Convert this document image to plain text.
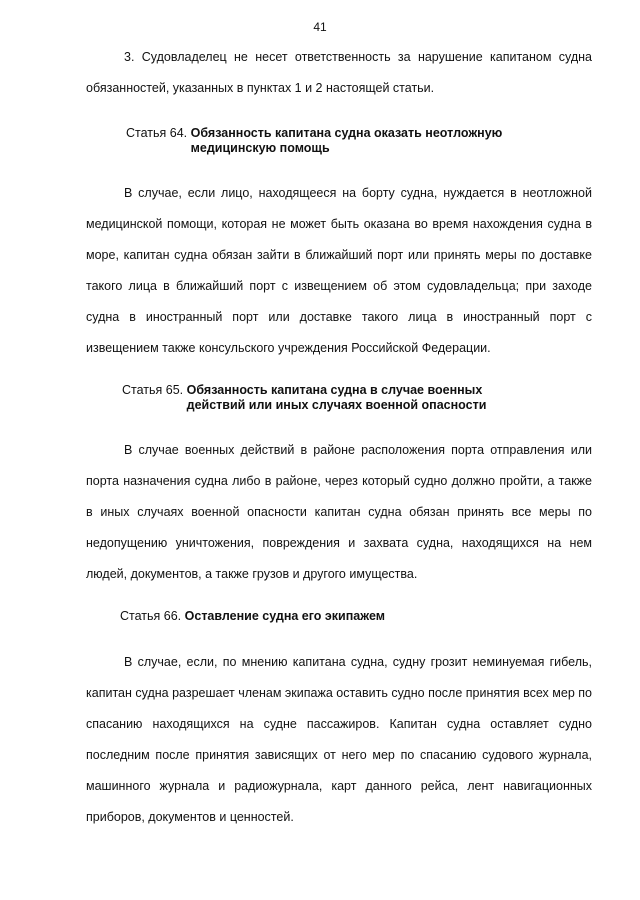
41

3. Судовладелец не несет ответственность за нарушение капитаном судна обязанностей, указанных в пунктах 1 и 2 настоящей статьи.

Статья 64. Обязанность капитана судна оказать неотложную
медицинскую помощь

В случае, если лицо, находящееся на борту судна, нуждается в неотложной медицинской помощи, которая не может быть оказана во время нахождения судна в море, капитан судна обязан зайти в ближайший порт или принять меры по доставке такого лица в ближайший порт с извещением об этом судовладельца; при заходе судна в иностранный порт или доставке такого лица в иностранный порт с извещением также консульского учреждения Российской Федерации.

Статья 65. Обязанность капитана судна в случае военных
действий или иных случаях военной опасности

В случае военных действий в районе расположения порта отправления или порта назначения судна либо в районе, через который судно должно пройти, а также в иных случаях военной опасности капитан судна обязан принять все меры по недопущению уничтожения, повреждения и захвата судна, находящихся на нем людей, документов, а также грузов и другого имущества.

Статья 66. Оставление судна его экипажем

В случае, если, по мнению капитана судна, судну грозит неминуемая гибель, капитан судна разрешает членам экипажа оставить судно после принятия всех мер по спасанию находящихся на судне пассажиров. Капитан судна оставляет судно последним после принятия зависящих от него мер по спасанию судового журнала, машинного журнала и радиожурнала, карт данного рейса, лент навигационных приборов, документов и ценностей.
